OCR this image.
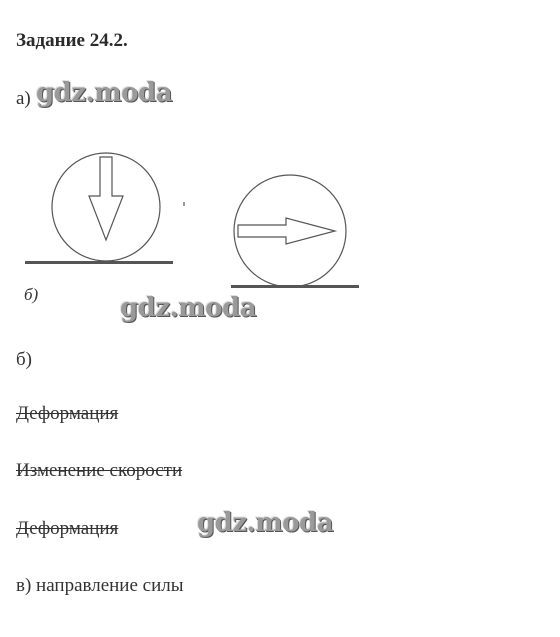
Задание 24.2.
а) gdz.moda
б)	gdz.moda
б)
Деформация
Изменение скорости
Деформация	gdz.moda
в) направление силы
